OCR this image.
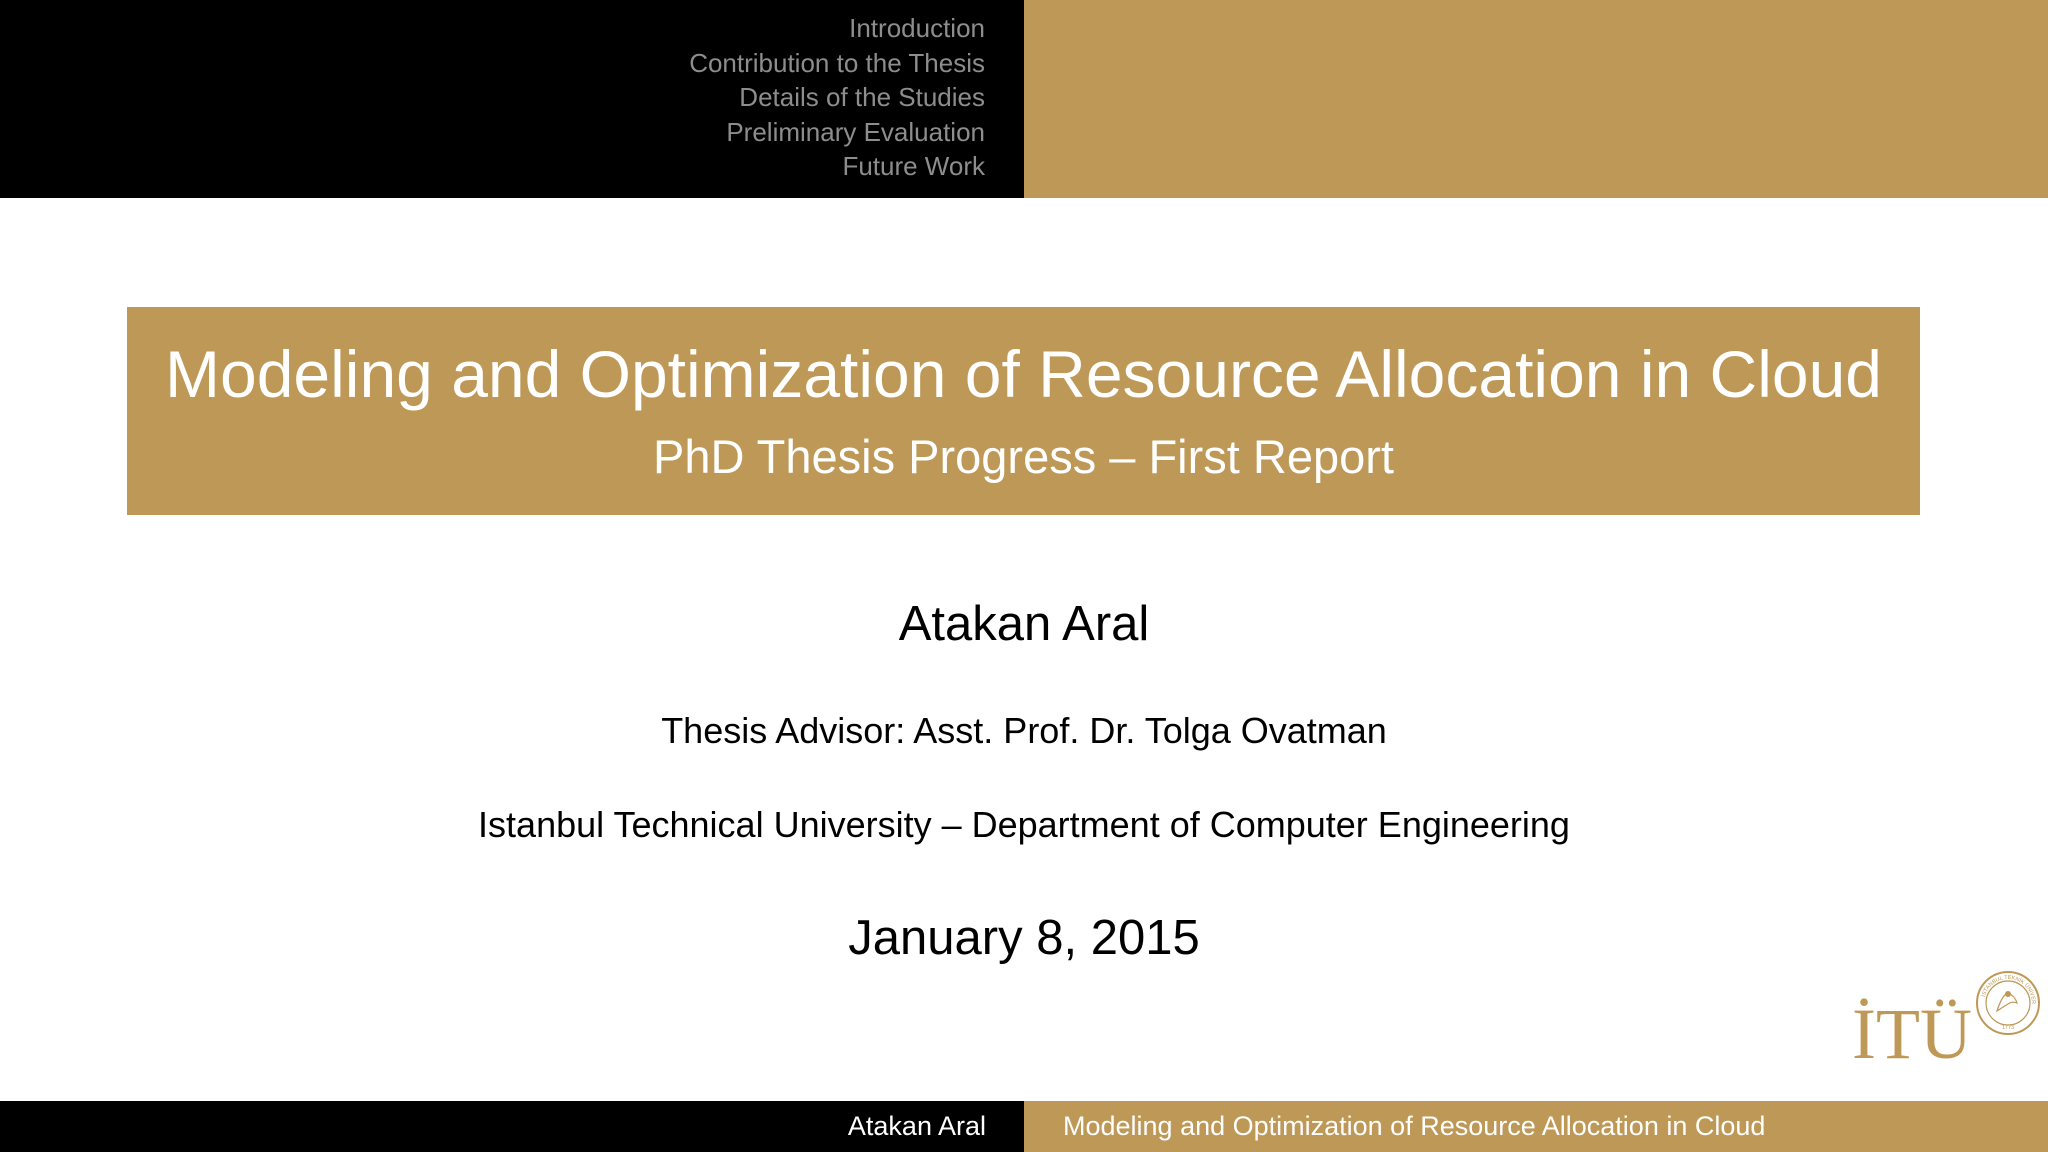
Introduction
Contribution to the Thesis
Details of the Studies
Preliminary Evaluation
Future Work
Modeling and Optimization of Resource Allocation in Cloud
PhD Thesis Progress – First Report
Atakan Aral
Thesis Advisor: Asst. Prof. Dr. Tolga Ovatman
Istanbul Technical University – Department of Computer Engineering
January 8, 2015
İTÜ	İSTANBUL TEKNİK ÜNİVER
1773
Atakan Aral	Modeling and Optimization of Resource Allocation in Cloud
